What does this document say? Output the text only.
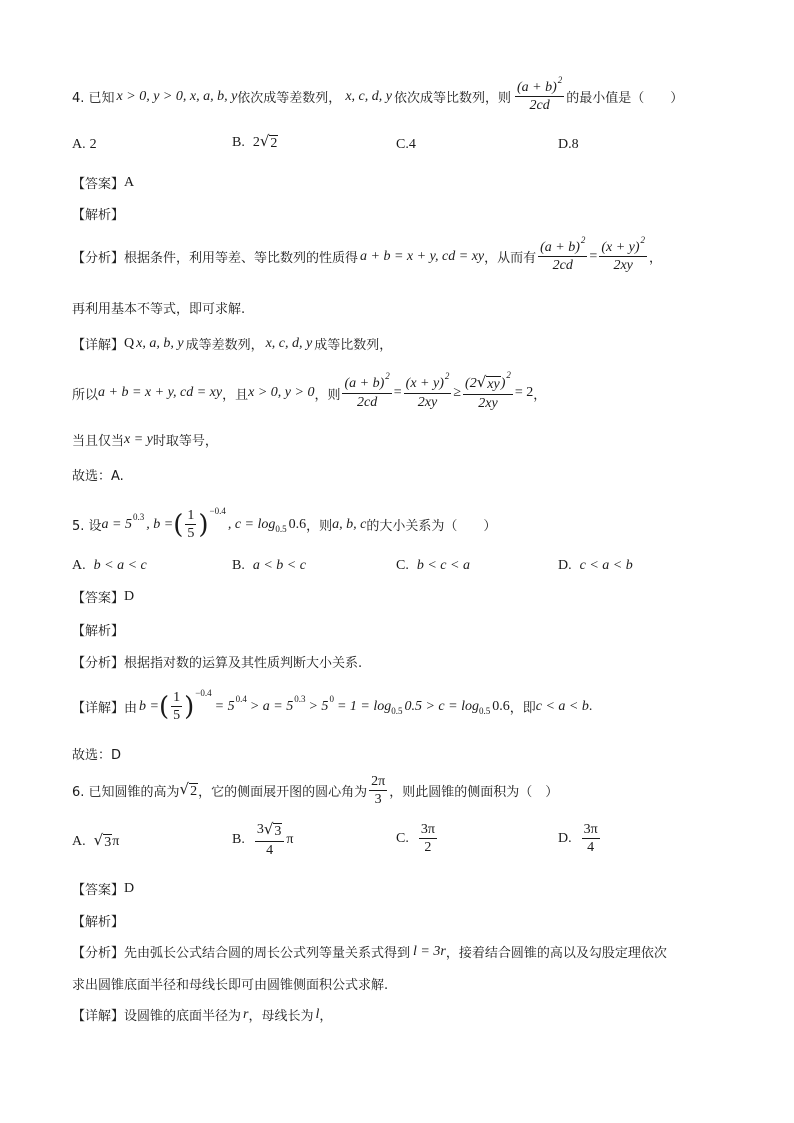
4. 已知 x > 0, y > 0, x, a, b, y 依次成等差数列， x, c, d, y 依次成等比数列，则 $\frac{(a + b)^2}{2cd}$ 的最小值是（　　）
A. 2	B. 2 √ 2	C. 4	D. 8
【答案】 A
【解析】
【分析】 根据条件，利用等差、等比数列的性质得 a + b = x + y, cd = xy ，从而有 $\frac{(a + b)^2}{2cd} = \frac{(x + y)^2}{2xy}$ ，
再利用基本不等式，即可求解.
【详解】 Q x, a, b, y 成等差数列， x, c, d, y 成等比数列，
所以 a + b = x + y, cd = xy ，且 x > 0, y > 0 ，则 $\frac{(a + b)^2}{2cd} = \frac{(x + y)^2}{2xy}$ ≥ ( 2 √ xy )
2
2xy = 2 ，
当且仅当 x = y 时取等号，
故选：A.
5. 设 a = 5 0.3 , b = ( $\frac{1}{5}$ ) −0.4
, c = log 0.5 0.6 ，则 a, b, c 的大小关系为（　　）
A. b < a < c	B. a < b < c	C. b < c < a	D. c < a < b
【答案】 D
【解析】
【分析】 根据指对数的运算及其性质判断大小关系.
【详解】 由 b = ( $\frac{1}{5}$ ) −0.4
= 5 0.4 > a = 5 0.3 > 5 0 = 1 = log 0.5 0.5 > c = log 0.5 0.6 ，即 c < a < b .
故选：D
6. 已知圆锥的高为 √ 2 ，它的侧面展开图的圆心角为 $\frac{2\pi}{3}$ ，则此圆锥的侧面积为（　）
A. √ 3 π	B. $\frac{3 √ 3}{4}$ π	C. $\frac{3\pi}{2}$	D. $\frac{3\pi}{4}$
【答案】 D
【解析】
【分析】 先由弧长公式结合圆的周长公式列等量关系式得到 l = 3r ，接着结合圆锥的高以及勾股定理依次
求出圆锥底面半径和母线长即可由圆锥侧面积公式求解.
【详解】 设圆锥的底面半径为 r ，母线长为 l ，
